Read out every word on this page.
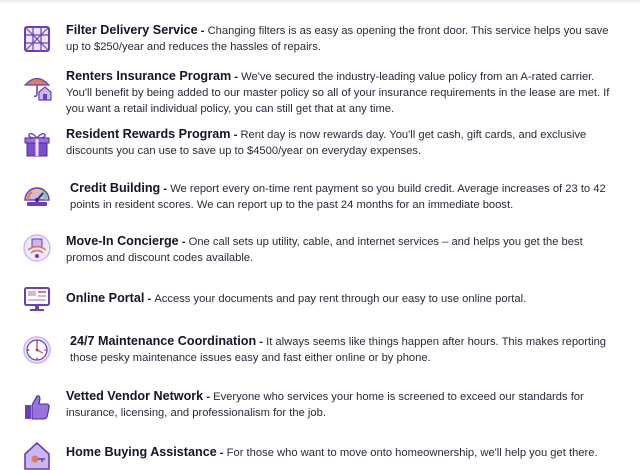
Filter Delivery Service - Changing filters is as easy as opening the front door. This service helps you save up to $250/year and reduces the hassles of repairs.
Renters Insurance Program - We've secured the industry-leading value policy from an A-rated carrier. You'll benefit by being added to our master policy so all of your insurance requirements in the lease are met. If you want a retail individual policy, you can still get that at any time.
Resident Rewards Program - Rent day is now rewards day. You'll get cash, gift cards, and exclusive discounts you can use to save up to $4500/year on everyday expenses.
Credit Building - We report every on-time rent payment so you build credit. Average increases of 23 to 42 points in resident scores. We can report up to the past 24 months for an immediate boost.
Move-In Concierge - One call sets up utility, cable, and internet services – and helps you get the best promos and discount codes available.
Online Portal - Access your documents and pay rent through our easy to use online portal.
24/7 Maintenance Coordination - It always seems like things happen after hours. This makes reporting those pesky maintenance issues easy and fast either online or by phone.
Vetted Vendor Network - Everyone who services your home is screened to exceed our standards for insurance, licensing, and professionalism for the job.
Home Buying Assistance - For those who want to move onto homeownership, we'll help you get there.
